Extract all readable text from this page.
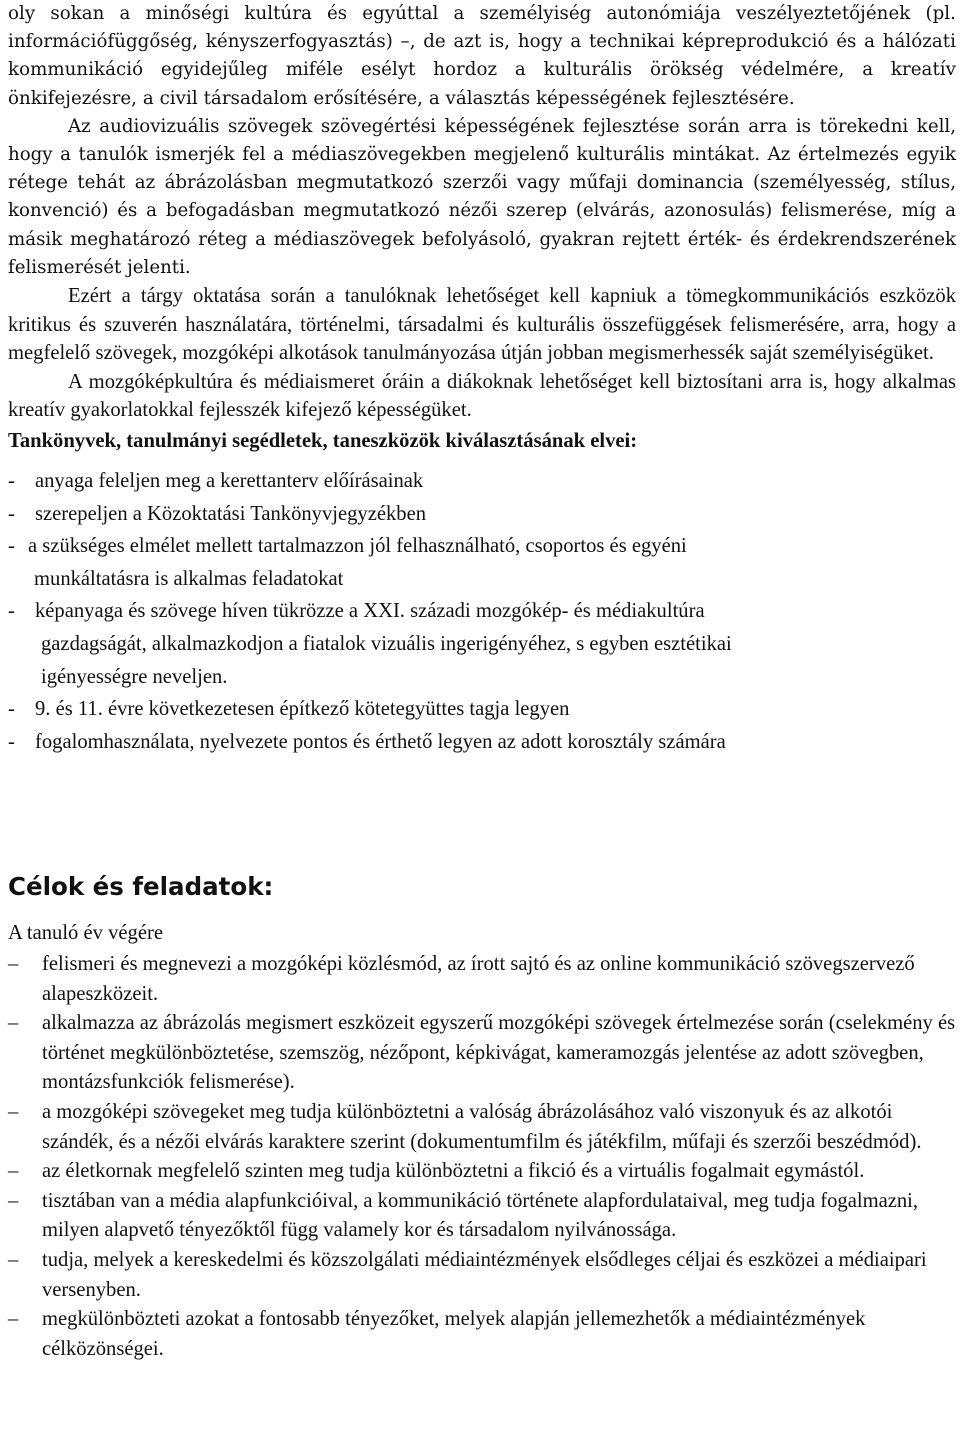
oly sokan a minőségi kultúra és egyúttal a személyiség autonómiája veszélyeztetőjének (pl. információfüggőség, kényszerfogyasztás) –, de azt is, hogy a technikai képreprodukció és a hálózati kommunikáció egyidejűleg miféle esélyt hordoz a kulturális örökség védelmére, a kreatív önkifejezésre, a civil társadalom erősítésére, a választás képességének fejlesztésére.

Az audiovizuális szövegek szövegértési képességének fejlesztése során arra is törekedni kell, hogy a tanulók ismerjék fel a médiaszövegekben megjelenő kulturális mintákat. Az értelmezés egyik rétege tehát az ábrázolásban megmutatkozó szerzői vagy műfaji dominancia (személyesség, stílus, konvenció) és a befogadásban megmutatkozó nézői szerep (elvárás, azonosulás) felismerése, míg a másik meghatározó réteg a médiaszövegek befolyásoló, gyakran rejtett érték- és érdekrendszerének felismerését jelenti.

Ezért a tárgy oktatása során a tanulóknak lehetőséget kell kapniuk a tömegkommunikációs eszközök kritikus és szuverén használatára, történelmi, társadalmi és kulturális összefüggések felismerésére, arra, hogy a megfelelő szövegek, mozgóképi alkotások tanulmányozása útján jobban megismerhessék saját személyiségüket.

A mozgóképkultúra és médiaismeret óráin a diákoknak lehetőséget kell biztosítani arra is, hogy alkalmas kreatív gyakorlatokkal fejlesszék kifejező képességüket.

Tankönyvek, tanulmányi segédletek, taneszközök kiválasztásának elvei:

- anyaga feleljen meg a kerettanterv előírásainak
- szerepeljen a Közoktatási Tankönyvjegyzékben
- a szükséges elmélet mellett tartalmazzon jól felhasználható, csoportos és egyéni
munkáltatásra is alkalmas feladatokat
- képanyaga és szövege híven tükrözze a XXI. századi mozgókép- és médiakultúra
gazdagságát, alkalmazkodjon a fiatalok vizuális ingerigényéhez, s egyben esztétikai
igényességre neveljen.
- 9. és 11. évre következetesen építkező kötetegyüttes tagja legyen
- fogalomhasználata, nyelvezete pontos és érthető legyen az adott korosztály számára
Célok és feladatok:

A tanuló év végére

– felismeri és megnevezi a mozgóképi közlésmód, az írott sajtó és az online kommunikáció szövegszervező alapeszközeit.
– alkalmazza az ábrázolás megismert eszközeit egyszerű mozgóképi szövegek értelmezése során (cselekmény és történet megkülönböztetése, szemszög, nézőpont, képkivágat, kameramozgás jelentése az adott szövegben, montázsfunkciók felismerése).
– a mozgóképi szövegeket meg tudja különböztetni a valóság ábrázolásához való viszonyuk és az alkotói szándék, és a nézői elvárás karaktere szerint (dokumentumfilm és játékfilm, műfaji és szerzői beszédmód).
– az életkornak megfelelő szinten meg tudja különböztetni a fikció és a virtuális fogalmait egymástól.
– tisztában van a média alapfunkcióival, a kommunikáció története alapfordulataival, meg tudja fogalmazni, milyen alapvető tényezőktől függ valamely kor és társadalom nyilvánossága.
– tudja, melyek a kereskedelmi és közszolgálati médiaintézmények elsődleges céljai és eszközei a médiaipari versenyben.
– megkülönbözteti azokat a fontosabb tényezőket, melyek alapján jellemezhetők a médiaintézmények célközönségei.
